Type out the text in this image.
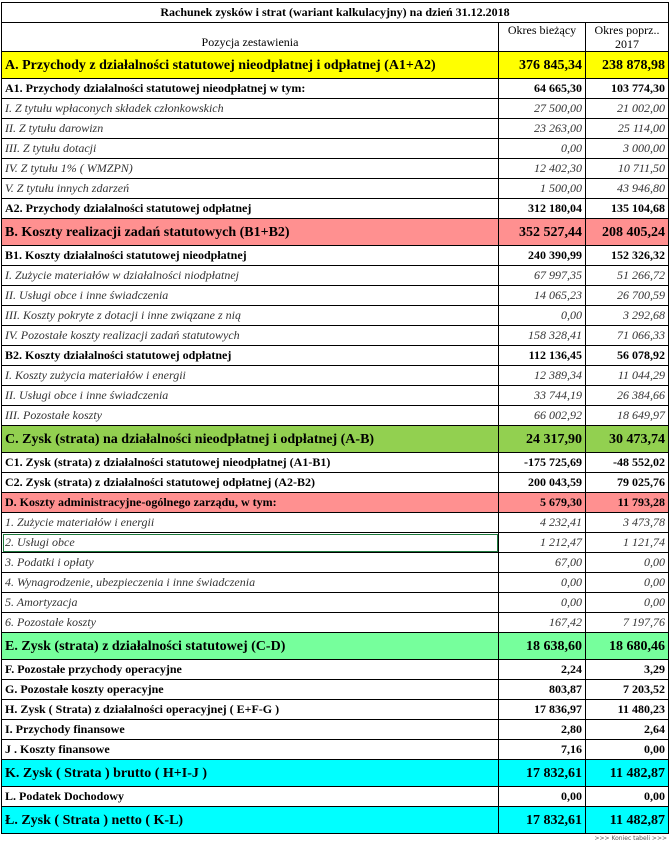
Rachunek zysków i strat (wariant kalkulacyjny) na dzień 31.12.2018		
Pozycja zestawienia	Okres bieżący	Okres poprz.. 2017
A. Przychody z działalności statutowej nieodpłatnej i odpłatnej (A1+A2)	376 845,34	238 878,98
A1. Przychody działalności statutowej nieodpłatnej w tym:	64 665,30	103 774,30
I. Z tytułu wpłaconych składek członkowskich	27 500,00	21 002,00
II. Z tytułu darowizn	23 263,00	25 114,00
III. Z tytułu dotacji	0,00	3 000,00
IV. Z tytułu 1% ( WMZPN)	12 402,30	10 711,50
V. Z tytułu innych zdarzeń	1 500,00	43 946,80
A2. Przychody działalności statutowej odpłatnej	312 180,04	135 104,68
B. Koszty realizacji zadań statutowych (B1+B2)	352 527,44	208 405,24
B1. Koszty działalności statutowej nieodpłatnej	240 390,99	152 326,32
I. Zużycie materiałów w działalności niodpłatnej	67 997,35	51 266,72
II. Usługi obce i inne świadczenia	14 065,23	26 700,59
III. Koszty pokryte z dotacji i inne związane z nią	0,00	3 292,68
IV. Pozostałe koszty realizacji zadań statutowych	158 328,41	71 066,33
B2. Koszty działalności statutowej odpłatnej	112 136,45	56 078,92
I. Koszty zużycia materiałów i energii	12 389,34	11 044,29
II. Usługi obce i inne świadczenia	33 744,19	26 384,66
III. Pozostałe koszty	66 002,92	18 649,97
C. Zysk (strata) na działalności nieodpłatnej i odpłatnej (A-B)	24 317,90	30 473,74
C1. Zysk (strata) z działalności statutowej nieodpłatnej (A1-B1)	-175 725,69	-48 552,02
C2. Zysk (strata) z działalności statutowej odpłatnej (A2-B2)	200 043,59	79 025,76
D. Koszty administracyjne-ogólnego zarządu, w tym:	5 679,30	11 793,28
1. Zużycie materiałów i energii	4 232,41	3 473,78
2. Usługi obce	1 212,47	1 121,74
3. Podatki i opłaty	67,00	0,00
4. Wynagrodzenie, ubezpieczenia i inne świadczenia	0,00	0,00
5. Amortyzacja	0,00	0,00
6. Pozostałe koszty	167,42	7 197,76
E. Zysk (strata) z działalności statutowej (C-D)	18 638,60	18 680,46
F. Pozostałe przychody operacyjne	2,24	3,29
G. Pozostałe koszty operacyjne	803,87	7 203,52
H. Zysk ( Strata) z działalności operacyjnej ( E+F-G )	17 836,97	11 480,23
I. Przychody finansowe	2,80	2,64
J . Koszty finansowe	7,16	0,00
K. Zysk ( Strata ) brutto ( H+I-J )	17 832,61	11 482,87
L. Podatek Dochodowy	0,00	0,00
Ł. Zysk ( Strata ) netto ( K-L)	17 832,61	11 482,87
>>> Koniec tabeli >>>
